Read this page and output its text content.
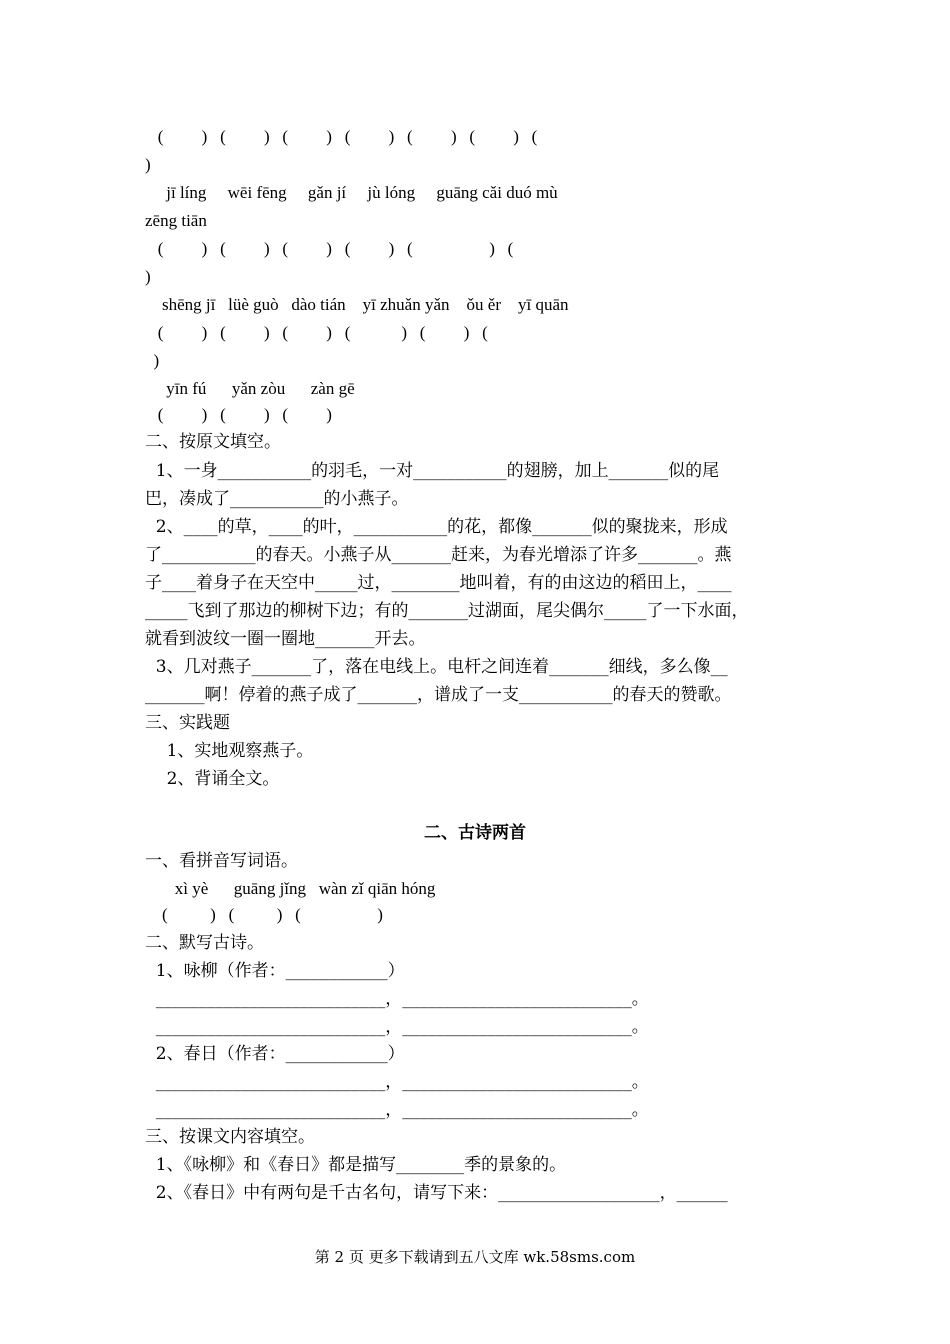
(         )   (         )   (         )   (         )   (         )   (         )   (
)
jī líng     wēi fēng     gǎn jí     jù lóng     guāng cǎi duó mù
zēng tiān
(         )   (         )   (         )   (         )   (                  )   (
)
shēng jī   lüè guò   dào tián    yī zhuǎn yǎn    ǒu ěr    yī quān
(         )   (         )   (         )   (            )   (         )   (
)
yīn fú      yǎn zòu      zàn gē
(         )   (         )   (         )
二、按原文填空。
1、一身___________的羽毛，一对___________的翅膀，加上_______似的尾
巴，凑成了___________的小燕子。
2、____的草，____的叶，___________的花，都像_______似的聚拢来，形成
了___________的春天。小燕子从_______赶来，为春光增添了许多_______。燕
子____着身子在天空中_____过，________地叫着，有的由这边的稻田上，____
_____飞到了那边的柳树下边；有的_______过湖面，尾尖偶尔_____了一下水面，
就看到波纹一圈一圈地_______开去。
3、几对燕子_______了，落在电线上。电杆之间连着_______细线，多么像__
_______啊！停着的燕子成了_______，谱成了一支___________的春天的赞歌。
三、实践题
1、实地观察燕子。
2、背诵全文。
二、古诗两首
一、看拼音写词语。
xì yè      guāng jǐng   wàn zǐ qiān hóng
(          )   (          )   (                  )
二、默写古诗。
1、咏柳（作者：____________）
___________________________，___________________________。
___________________________，___________________________。
2、春日（作者：____________）
___________________________，___________________________。
___________________________，___________________________。
三、按课文内容填空。
1、《咏柳》和《春日》都是描写________季的景象的。
2、《春日》中有两句是千古名句，请写下来：___________________，______
第 2 页 更多下载请到五八文库 wk.58sms.com
